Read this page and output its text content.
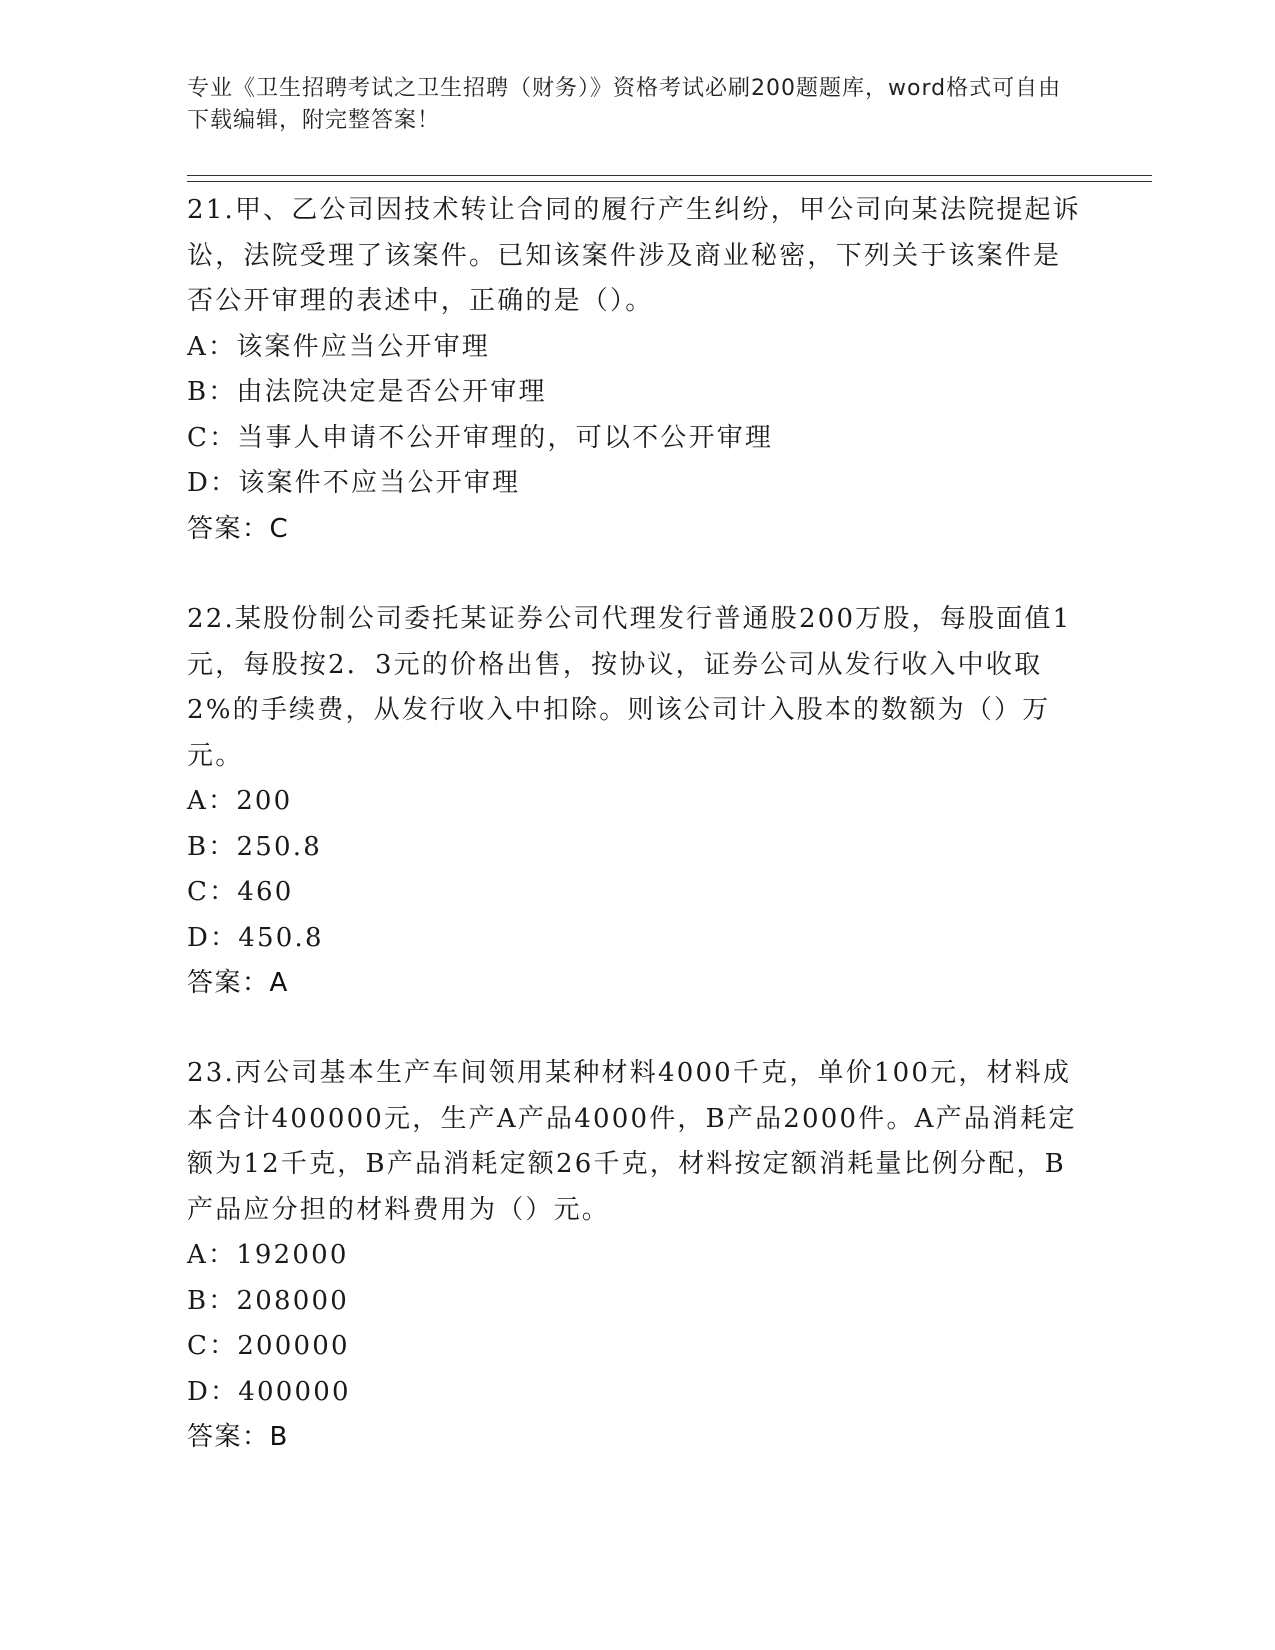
专业《卫生招聘考试之卫生招聘（财务）》资格考试必刷200题题库，word格式可自由下载编辑，附完整答案！

21.甲、乙公司因技术转让合同的履行产生纠纷，甲公司向某法院提起诉讼，法院受理了该案件。已知该案件涉及商业秘密，下列关于该案件是否公开审理的表述中，正确的是（）。

A：该案件应当公开审理

B：由法院决定是否公开审理

C：当事人申请不公开审理的，可以不公开审理

D：该案件不应当公开审理

答案：C

22.某股份制公司委托某证券公司代理发行普通股200万股，每股面值1元，每股按2．3元的价格出售，按协议，证券公司从发行收入中收取2%的手续费，从发行收入中扣除。则该公司计入股本的数额为（）万元。

A：200

B：250.8

C：460

D：450.8

答案：A

23.丙公司基本生产车间领用某种材料4000千克，单价100元，材料成本合计400000元，生产A产品4000件，B产品2000件。A产品消耗定额为12千克，B产品消耗定额26千克，材料按定额消耗量比例分配，B产品应分担的材料费用为（）元。

A：192000

B：208000

C：200000

D：400000

答案：B
